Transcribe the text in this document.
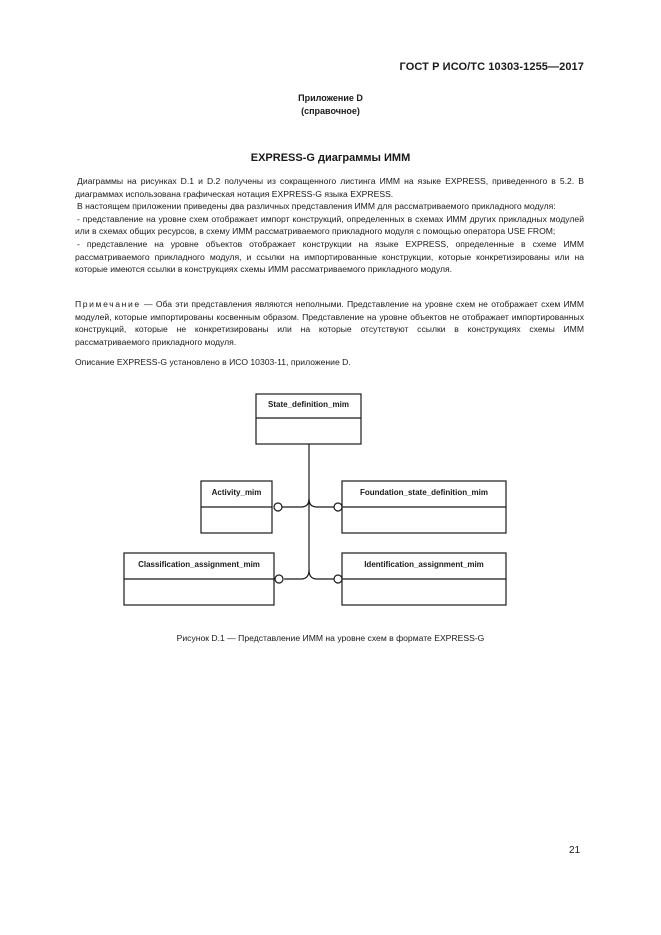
ГОСТ Р ИСО/ТС 10303-1255—2017
Приложение D
(справочное)
EXPRESS-G диаграммы ИММ

Диаграммы на рисунках D.1 и D.2 получены из сокращенного листинга ИММ на языке EXPRESS, приведенного в 5.2. В диаграммах использована графическая нотация EXPRESS-G языка EXPRESS.

В настоящем приложении приведены два различных представления ИММ для рассматриваемого прикладного модуля:

- представление на уровне схем отображает импорт конструкций, определенных в схемах ИММ других прикладных модулей или в схемах общих ресурсов, в схему ИММ рассматриваемого прикладного модуля с помощью оператора USE FROM;

- представление на уровне объектов отображает конструкции на языке EXPRESS, определенные в схеме ИММ рассматриваемого прикладного модуля, и ссылки на импортированные конструкции, которые конкретизированы или на которые имеются ссылки в конструкциях схемы ИММ рассматриваемого прикладного модуля.

Примечание — Оба эти представления являются неполными. Представление на уровне схем не отображает схем ИММ модулей, которые импортированы косвенным образом. Представление на уровне объектов не отображает импортированных конструкций, которые не конкретизированы или на которые отсутствуют ссылки в конструкциях схемы ИММ рассматриваемого прикладного модуля.
Описание EXPRESS-G установлено в ИСО 10303-11, приложение D.
State_definition_mim
Activity_mim	Foundation_state_definition_mim
Classification_assignment_mim	Identification_assignment_mim
Рисунок D.1 — Представление ИММ на уровне схем в формате EXPRESS-G
21
